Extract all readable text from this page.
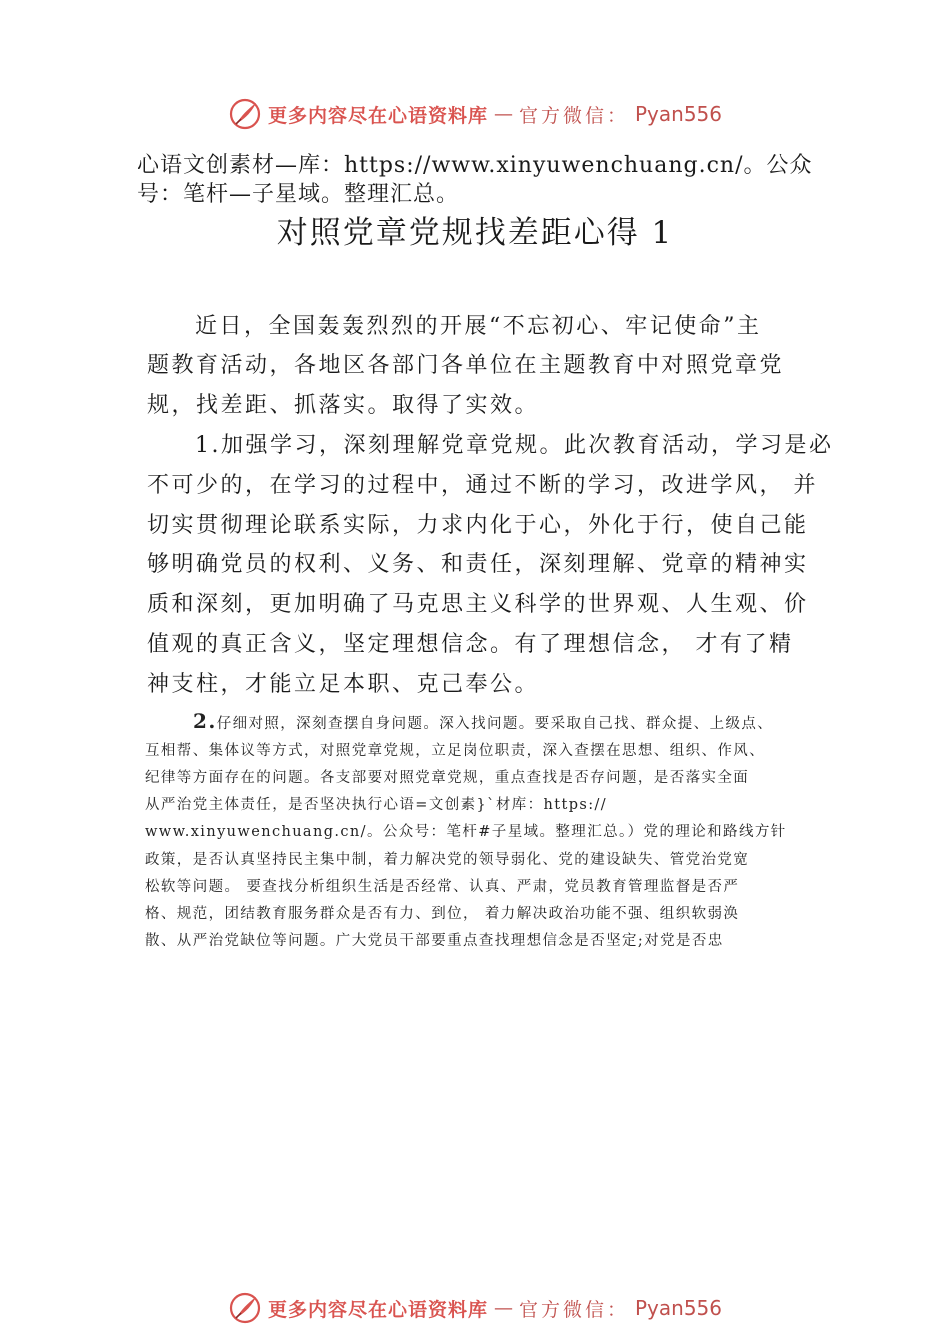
更多内容尽在心语资料库 — 官方微信： Pyan556
心语文创素材—库：https://www.xinyuwenchuang.cn/。公众
号：笔杆—子星域。整理汇总。
对照党章党规找差距心得 1
近日，全国轰轰烈烈的开展“不忘初心、牢记使命”主
题教育活动，各地区各部门各单位在主题教育中对照党章党
规，找差距、抓落实。取得了实效。
1.加强学习，深刻理解党章党规。此次教育活动，学习是必
不可少的，在学习的过程中，通过不断的学习，改进学风， 并
切实贯彻理论联系实际，力求内化于心，外化于行，使自己能
够明确党员的权利、义务、和责任，深刻理解、党章的精神实
质和深刻，更加明确了马克思主义科学的世界观、人生观、价
值观的真正含义，坚定理想信念。有了理想信念， 才有了精
神支柱，才能立足本职、克己奉公。
2.仔细对照，深刻查摆自身问题。深入找问题。要采取自己找、群众提、上级点、
互相帮、集体议等方式，对照党章党规，立足岗位职责，深入查摆在思想、组织、作风、
纪律等方面存在的问题。各支部要对照党章党规，重点查找是否存问题，是否落实全面
从严治党主体责任，是否坚决执行心语=文创素}`材库：https://
www.xinyuwenchuang.cn/。公众号：笔杆#子星域。整理汇总。）党的理论和路线方针
政策，是否认真坚持民主集中制，着力解决党的领导弱化、党的建设缺失、管党治党宽
松软等问题。 要查找分析组织生活是否经常、认真、严肃，党员教育管理监督是否严
格、规范，团结教育服务群众是否有力、到位， 着力解决政治功能不强、组织软弱涣
散、从严治党缺位等问题。广大党员干部要重点查找理想信念是否坚定;对党是否忠
更多内容尽在心语资料库 — 官方微信： Pyan556
